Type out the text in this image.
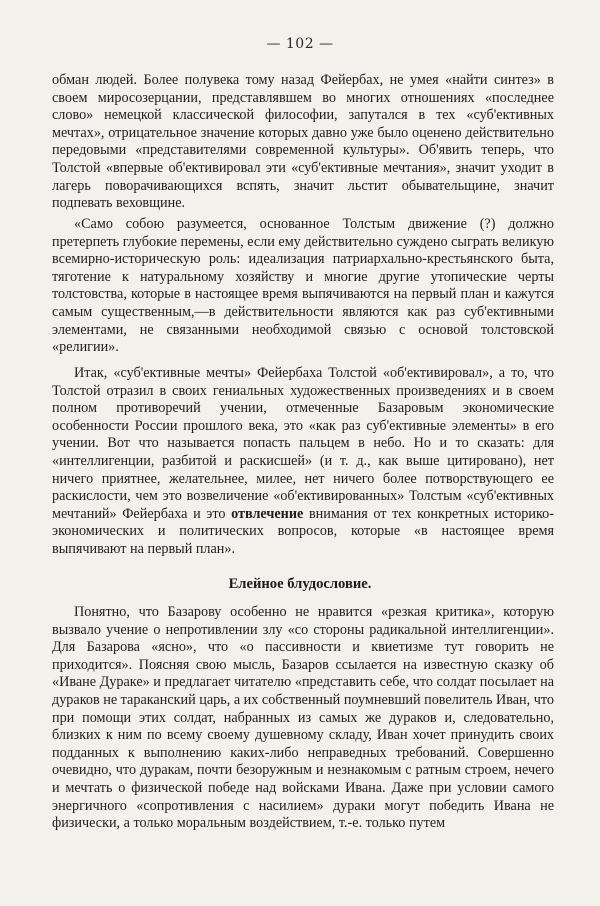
— 102 —

обман людей. Более полувека тому назад Фейербах, не умея «найти синтез» в своем миросозерцании, представлявшем во многих отношениях «последнее слово» немецкой классической философии, запутался в тех «суб'ективных мечтах», отрицательное значение которых давно уже было оценено действительно передовыми «представителями современной культуры». Об'явить теперь, что Толстой «впервые об'ективировал эти «суб'ективные мечтания», значит уходит в лагерь поворачивающихся вспять, значит льстит обывательщине, значит подпевать веховщине.

«Само собою разумеется, основанное Толстым движение (?) должно претерпеть глубокие перемены, если ему действительно суждено сыграть великую всемирно-историческую роль: идеализация патриархально-крестьянского быта, тяготение к натуральному хозяйству и многие другие утопические черты толстовства, которые в настоящее время выпячиваются на первый план и кажутся самым существенным,—в действительности являются как раз суб'ективными элементами, не связанными необходимой связью с основой толстовской «религии».

Итак, «суб'ективные мечты» Фейербаха Толстой «об'ективировал», а то, что Толстой отразил в своих гениальных художественных произведениях и в своем полном противоречий учении, отмеченные Базаровым экономические особенности России прошлого века, это «как раз суб'ективные элементы» в его учении. Вот что называется попасть пальцем в небо. Но и то сказать: для «интеллигенции, разбитой и раскисшей» (и т. д., как выше цитировано), нет ничего приятнее, желательнее, милее, нет ничего более потворствующего ее раскислости, чем это возвеличение «об'ективированных» Толстым «суб'ективных мечтаний» Фейербаха и это отвлечение внимания от тех конкретных историко-экономических и политических вопросов, которые «в настоящее время выпячивают на первый план».

Елейное блудословие.

Понятно, что Базарову особенно не нравится «резкая критика», которую вызвало учение о непротивлении злу «со стороны радикальной интеллигенции». Для Базарова «ясно», что «о пассивности и квиетизме тут говорить не приходится». Поясняя свою мысль, Базаров ссылается на известную сказку об «Иване Дураке» и предлагает читателю «представить себе, что солдат посылает на дураков не тараканский царь, а их собственный поумневший повелитель Иван, что при помощи этих солдат, набранных из самых же дураков и, следовательно, близких к ним по всему своему душевному складу, Иван хочет принудить своих подданных к выполнению каких-либо неправедных требований. Совершенно очевидно, что дуракам, почти безоружным и незнакомым с ратным строем, нечего и мечтать о физической победе над войсками Ивана. Даже при условии самого энергичного «сопротивления с насилием» дураки могут победить Ивана не физически, а только моральным воздействием, т.-е. только путем
